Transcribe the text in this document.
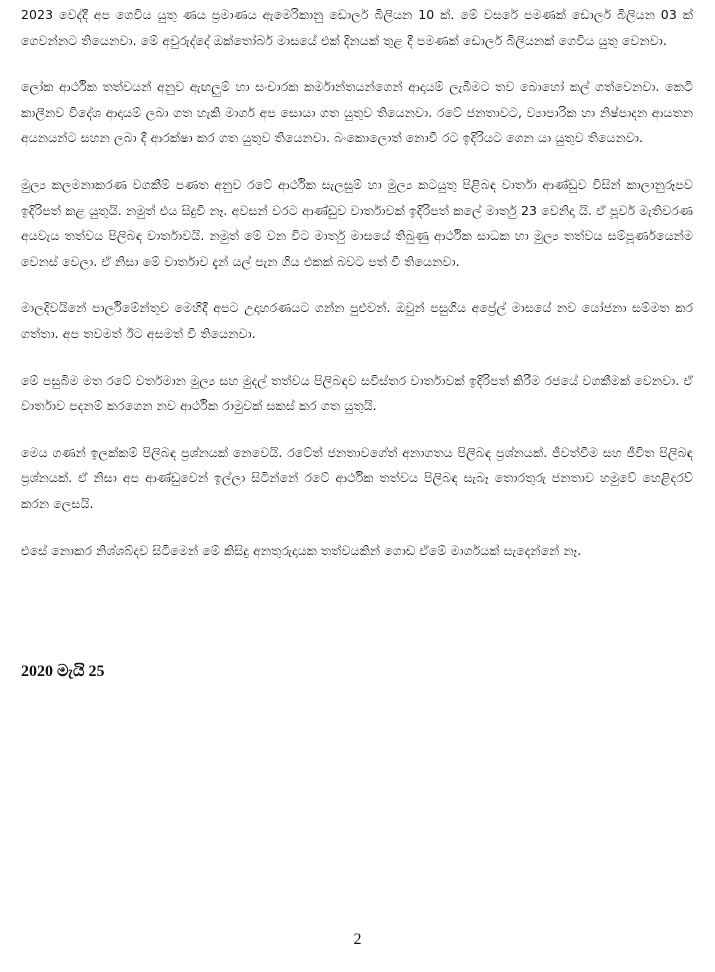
2023 වෙද්දී අප ගෙවිය යුතු ණය ප්‍රමාණය ඇමෙරිකානු ඩොලර් බිලියන 10 ක්. මේ වසරේ පමණක් ඩොලර් බිලියන 03 ක් ගෙවන්නට තියෙනවා. මේ අවුරුද්දේ ඔක්තෝබර් මාසයේ එක් දිනයක් තුළ දී පමණක් ඩොලර් බිලියනක් ගෙවිය යුතු වෙනවා.

ලෝක ආර්ථික තත්වයන් අනුව ඇඟලුම් හා සංචාරක කර්මාන්තයන්ගෙන් ආදායම් ලැබීමට තව බොහෝ කල් ගත්වෙනවා. කෙටි කාලීනව විදේශ ආදායම් ලබා ගත හැකි මාර්ග අප සොයා ගත යුතුව තියෙනවා. රටේ ජනතාවට, ව්‍යාපාරික හා නිෂ්පාදන ආයතන අයනයන්ට සහන ලබා දී ආරක්ෂා කර ගත යුතුව තියෙනවා. බංකොලොත් නොවී රට ඉදිරියට ගෙන යා යුතුව තියෙනවා.

මුල්‍ය කලමනාකරණ වගකීම් පණත අනුව රටේ ආර්ථික සැලසුම් හා මුල්‍ය කටයුතු පිළිබඳ වාර්තා ආණ්ඩුව විසින් කාලානුරූපව ඉදිරිපත් කළ යුතුයි. නමුත් එය සිදුවී නෑ. අවසන් වරට ආණ්ඩුව වාර්තාවක් ඉදිරිපත් කලේ මාර්තු 23 වෙනිදා යි. ඒ පූර්ව මැතිවරණ අයවැය තත්වය පිලිබඳ වාර්තාවයි. නමුත් මේ වන විට මාර්තු මාසයේ තිබුණු ආර්ථික සාධක හා මුල්‍ය තත්වය සම්පූර්ණයෙන්ම වෙනස් වෙලා. ඒ නිසා මේ වාර්තාව දැන් යල් පැන ගිය එකක් බවට පත් වී තියෙනවා.

මාලදිවයිනේ පාර්ලිමේන්තුව මෙහිදී අපට උදාහරණයට ගන්න පුළුවන්. ඔවුන් පසුගිය අප්‍රේල් මාසයේ නව යෝජනා සම්මත කර ගත්තා. අප තවමත් ඊට අසමත් වී තියෙනවා.

මේ පසුබිම මත රටේ වර්තමාන මුල්‍ය සහ මුදල් තත්වය පිලිබඳව සවිස්තර වාර්තාවක් ඉදිරිපත් කිරීම රජයේ වගකීමක් වෙනවා. ඒ වාර්තාව පදනම් කරගෙන නව ආර්ථික රාමුවක් සකස් කර ගත යුතුයි.

මෙය ගණන් ඉලක්කම් පිලිබඳ ප්‍රශ්නයක් නෙවෙයි. රටේත් ජනතාවගේත් අනාගතය පිලිබඳ ප්‍රශ්නයක්. ජීවත්වීම සහ ජීවිත පිලිබඳ ප්‍රශ්නයක්. ඒ නිසා අප ආණ්ඩුවෙන් ඉල්ලා සිටින්නේ රටේ ආර්ථික තත්වය පිලිබඳ සැබෑ තොරතුරු ජනතාව හමුවේ හෙළිදරව් කරන ලෙසයි.

එසේ නොකර නිශ්ශබ්දව සිටීමෙන් මේ කිසිදු අනතුරුදායක තත්වයකින් ගොඩ ඒමේ මාර්ගයක් සැදෙන්නේ නෑ.

2020 මැයි 25

2
